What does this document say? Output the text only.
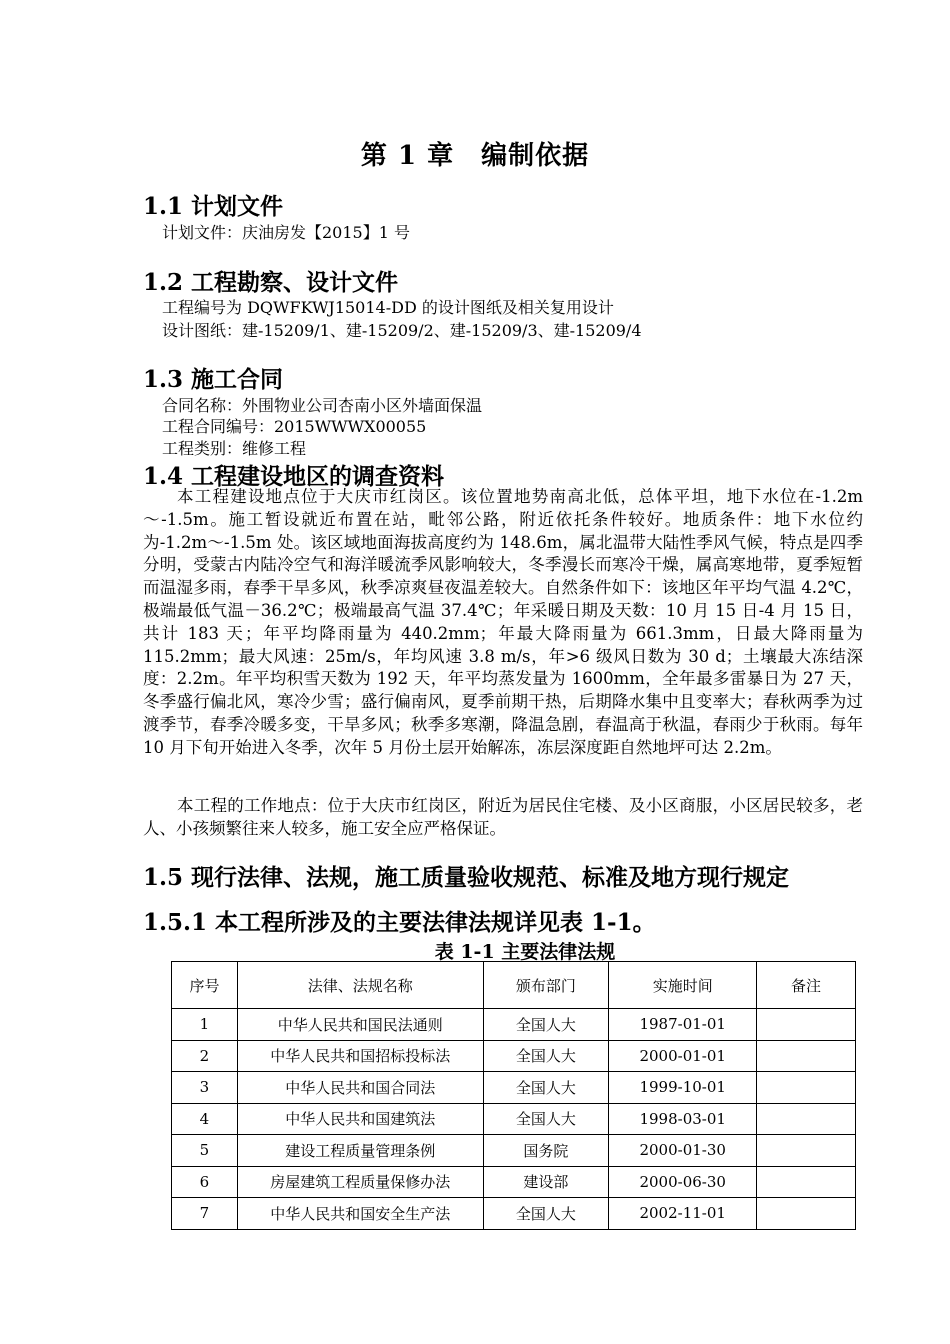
第 1 章　编制依据
1.1 计划文件
计划文件：庆油房发【2015】1 号
1.2 工程勘察、设计文件
工程编号为 DQWFKWJ15014-DD 的设计图纸及相关复用设计
设计图纸：建-15209/1、建-15209/2、建-15209/3、建-15209/4
1.3 施工合同
合同名称：外围物业公司杏南小区外墙面保温
工程合同编号：2015WWWX00055
工程类别：维修工程
1.4 工程建设地区的调查资料

本工程建设地点位于大庆市红岗区。该位置地势南高北低，总体平坦，地下水位在-1.2m～-1.5m。施工暂设就近布置在站，毗邻公路，附近依托条件较好。地质条件：地下水位约为-1.2m～-1.5m 处。该区域地面海拔高度约为 148.6m，属北温带大陆性季风气候，特点是四季分明，受蒙古内陆冷空气和海洋暖流季风影响较大，冬季漫长而寒冷干燥，属高寒地带，夏季短暂而温湿多雨，春季干旱多风，秋季凉爽昼夜温差较大。自然条件如下：该地区年平均气温 4.2℃，极端最低气温－36.2℃；极端最高气温 37.4℃；年采暖日期及天数：10 月 15 日-4 月 15 日，共计 183 天；年平均降雨量为 440.2mm；年最大降雨量为 661.3mm，日最大降雨量为 115.2mm；最大风速：25m/s，年均风速 3.8 m/s，年>6 级风日数为 30 d；土壤最大冻结深度：2.2m。年平均积雪天数为 192 天，年平均蒸发量为 1600mm，全年最多雷暴日为 27 天，冬季盛行偏北风，寒冷少雪；盛行偏南风，夏季前期干热，后期降水集中且变率大；春秋两季为过渡季节，春季冷暖多变，干旱多风；秋季多寒潮，降温急剧，春温高于秋温，春雨少于秋雨。每年 10 月下旬开始进入冬季，次年 5 月份土层开始解冻，冻层深度距自然地坪可达 2.2m。

本工程的工作地点：位于大庆市红岗区，附近为居民住宅楼、及小区商服，小区居民较多，老人、小孩频繁往来人较多，施工安全应严格保证。

1.5 现行法律、法规，施工质量验收规范、标准及地方现行规定
1.5.1 本工程所涉及的主要法律法规详见表 1-1。
表 1-1 主要法律法规
序号	法律、法规名称	颁布部门	实施时间	备注
1	中华人民共和国民法通则	全国人大	1987-01-01	
2	中华人民共和国招标投标法	全国人大	2000-01-01	
3	中华人民共和国合同法	全国人大	1999-10-01	
4	中华人民共和国建筑法	全国人大	1998-03-01	
5	建设工程质量管理条例	国务院	2000-01-30	
6	房屋建筑工程质量保修办法	建设部	2000-06-30	
7	中华人民共和国安全生产法	全国人大	2002-11-01	
